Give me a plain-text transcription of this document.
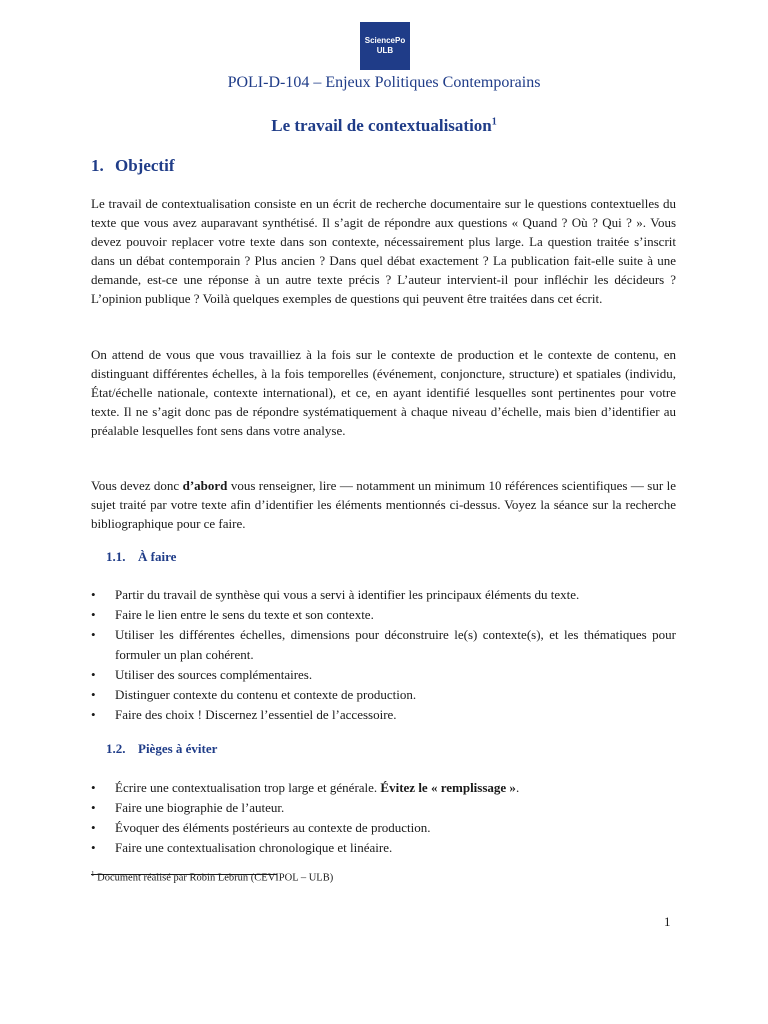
SciencePo
ULB
POLI-D-104 – Enjeux Politiques Contemporains
Le travail de contextualisation$^1$
1. Objectif

Le travail de contextualisation consiste en un écrit de recherche documentaire sur le questions contextuelles du texte que vous avez auparavant synthétisé. Il s’agit de répondre aux questions « Quand ? Où ? Qui ? ». Vous devez pouvoir replacer votre texte dans son contexte, nécessairement plus large. La question traitée s’inscrit dans un débat contemporain ? Plus ancien ? Dans quel débat exactement ? La publication fait-elle suite à une demande, est-ce une réponse à un autre texte précis ? L’auteur intervient-il pour infléchir les décideurs ? L’opinion publique ? Voilà quelques exemples de questions qui peuvent être traitées dans cet écrit.

On attend de vous que vous travailliez à la fois sur le contexte de production et le contexte de contenu, en distinguant différentes échelles, à la fois temporelles (événement, conjoncture, structure) et spatiales (individu, État/échelle nationale, contexte international), et ce, en ayant identifié lesquelles sont pertinentes pour votre texte. Il ne s’agit donc pas de répondre systématiquement à chaque niveau d’échelle, mais bien d’identifier au préalable lesquelles font sens dans votre analyse.

Vous devez donc d’abord vous renseigner, lire — notamment un minimum 10 références scientifiques — sur le sujet traité par votre texte afin d’identifier les éléments mentionnés ci-dessus. Voyez la séance sur la recherche bibliographique pour ce faire.

1.1. À faire
• Partir du travail de synthèse qui vous a servi à identifier les principaux éléments du texte.
• Faire le lien entre le sens du texte et son contexte.
• Utiliser les différentes échelles, dimensions pour déconstruire le(s) contexte(s), et les thématiques pour formuler un plan cohérent.
• Utiliser des sources complémentaires.
• Distinguer contexte du contenu et contexte de production.
• Faire des choix ! Discernez l’essentiel de l’accessoire.
1.2. Pièges à éviter
• Écrire une contextualisation trop large et générale. Évitez le « remplissage ».
• Faire une biographie de l’auteur.
• Évoquer des éléments postérieurs au contexte de production.
• Faire une contextualisation chronologique et linéaire.
$^1$ Document réalisé par Robin Lebrun (CEVIPOL – ULB)
1
